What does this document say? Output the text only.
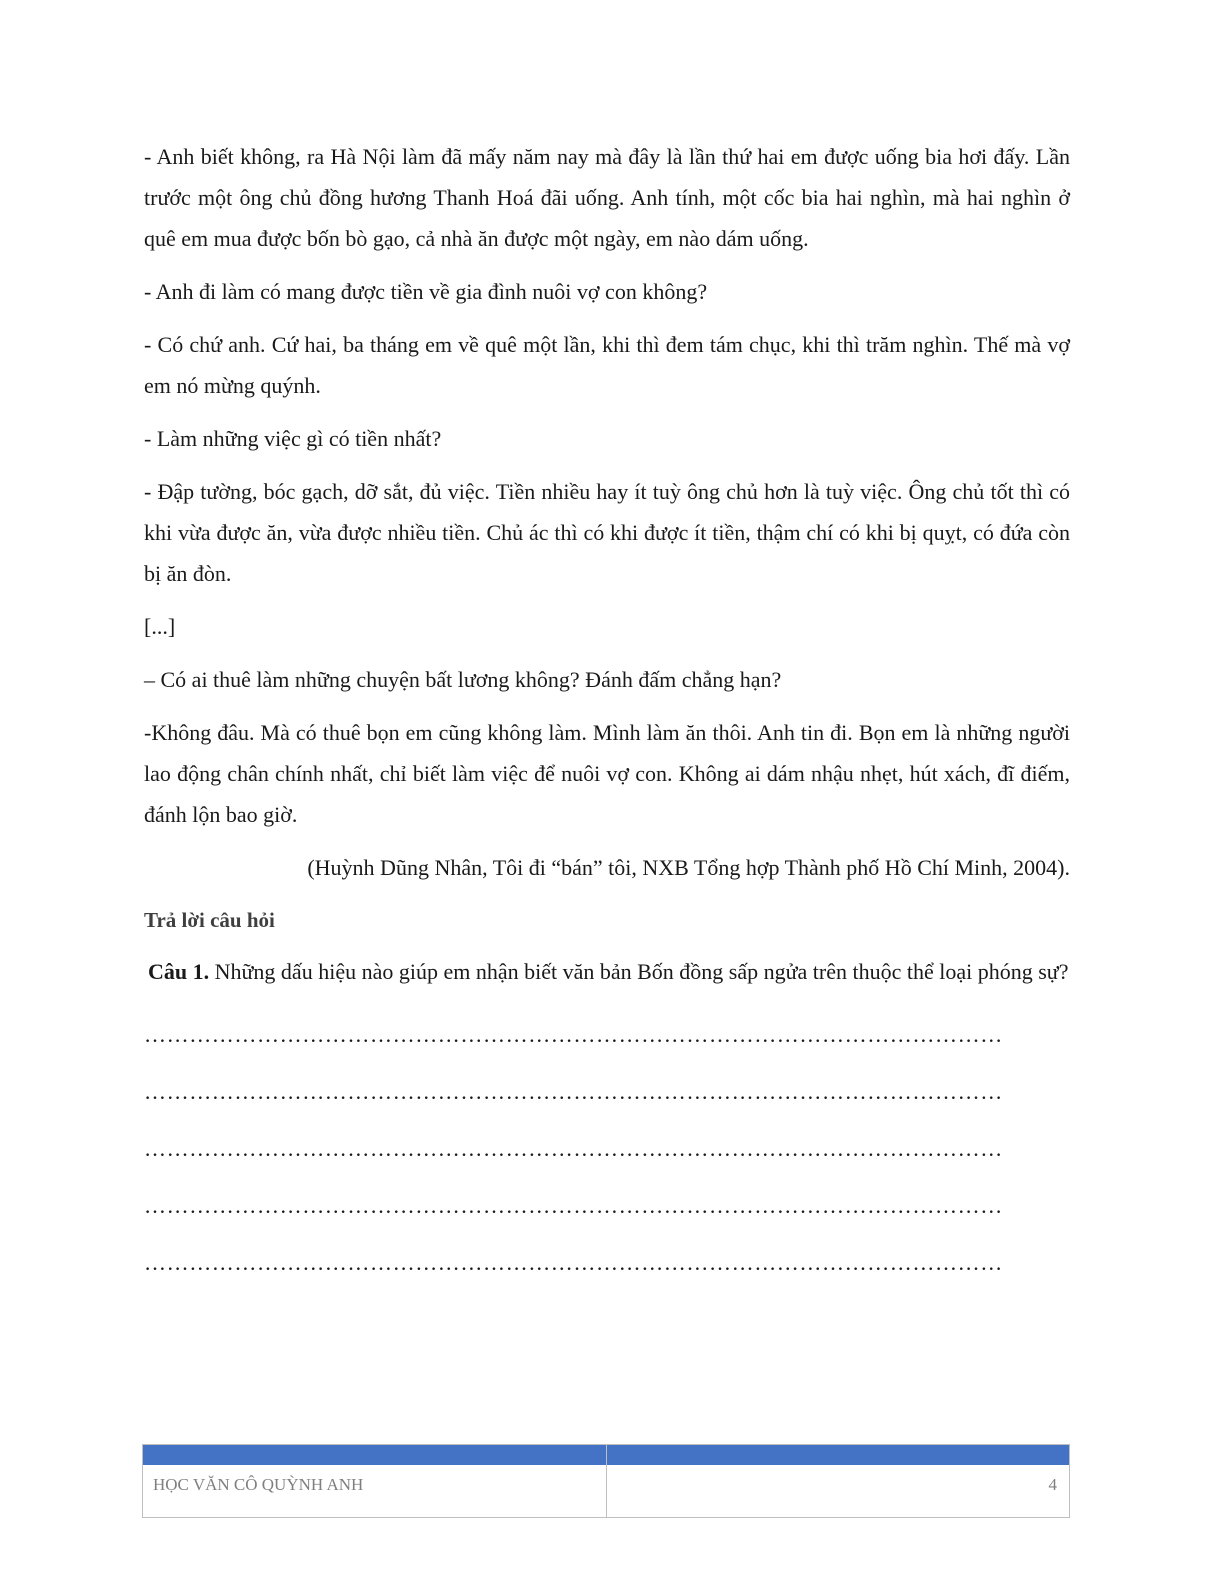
- Anh biết không, ra Hà Nội làm đã mấy năm nay mà đây là lần thứ hai em được uống bia hơi đấy. Lần trước một ông chủ đồng hương Thanh Hoá đãi uống. Anh tính, một cốc bia hai nghìn, mà hai nghìn ở quê em mua được bốn bò gạo, cả nhà ăn được một ngày, em nào dám uống.

- Anh đi làm có mang được tiền về gia đình nuôi vợ con không?

- Có chứ anh. Cứ hai, ba tháng em về quê một lần, khi thì đem tám chục, khi thì trăm nghìn. Thế mà vợ em nó mừng quýnh.

- Làm những việc gì có tiền nhất?

- Đập tường, bóc gạch, dỡ sắt, đủ việc. Tiền nhiều hay ít tuỳ ông chủ hơn là tuỳ việc. Ông chủ tốt thì có khi vừa được ăn, vừa được nhiều tiền. Chủ ác thì có khi được ít tiền, thậm chí có khi bị quỵt, có đứa còn bị ăn đòn.

[...]

– Có ai thuê làm những chuyện bất lương không? Đánh đấm chẳng hạn?

-Không đâu. Mà có thuê bọn em cũng không làm. Mình làm ăn thôi. Anh tin đi. Bọn em là những người lao động chân chính nhất, chỉ biết làm việc để nuôi vợ con. Không ai dám nhậu nhẹt, hút xách, đĩ điếm, đánh lộn bao giờ.

(Huỳnh Dũng Nhân, Tôi đi “bán” tôi, NXB Tổng hợp Thành phố Hồ Chí Minh, 2004).

Trả lời câu hỏi
Câu 1. Những dấu hiệu nào giúp em nhận biết văn bản Bốn đồng sấp ngửa trên thuộc thể loại phóng sự?
……………………………………………………………………………………………………
……………………………………………………………………………………………………
……………………………………………………………………………………………………
……………………………………………………………………………………………………
……………………………………………………………………………………………………
HỌC VĂN CÔ QUỲNH ANH	4
